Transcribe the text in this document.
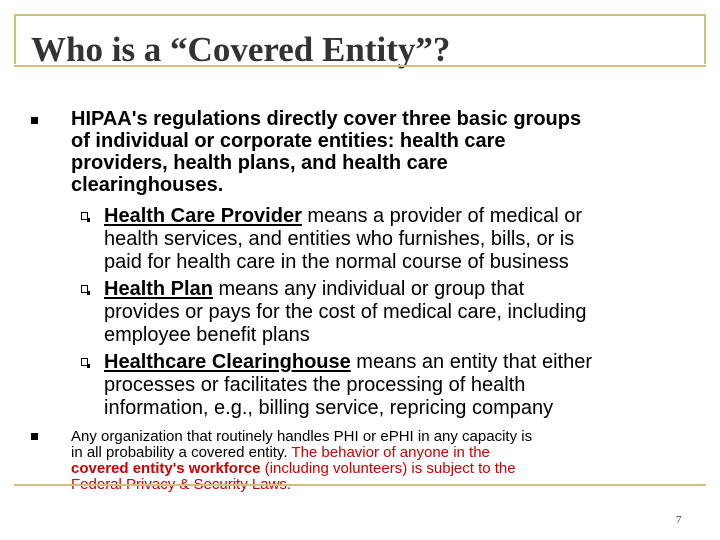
Who is a “Covered Entity”?
HIPAA's regulations directly cover three basic groups
of individual or corporate entities: health care
providers, health plans, and health care
clearinghouses.
Health Care Provider means a provider of medical or
health services, and entities who furnishes, bills, or is
paid for health care in the normal course of business
Health Plan means any individual or group that
provides or pays for the cost of medical care, including
employee benefit plans
Healthcare Clearinghouse means an entity that either
processes or facilitates the processing of health
information, e.g., billing service, repricing company
Any organization that routinely handles PHI or ePHI in any capacity is
in all probability a covered entity. The behavior of anyone in the
covered entity's workforce (including volunteers) is subject to the
Federal Privacy & Security Laws.
7
